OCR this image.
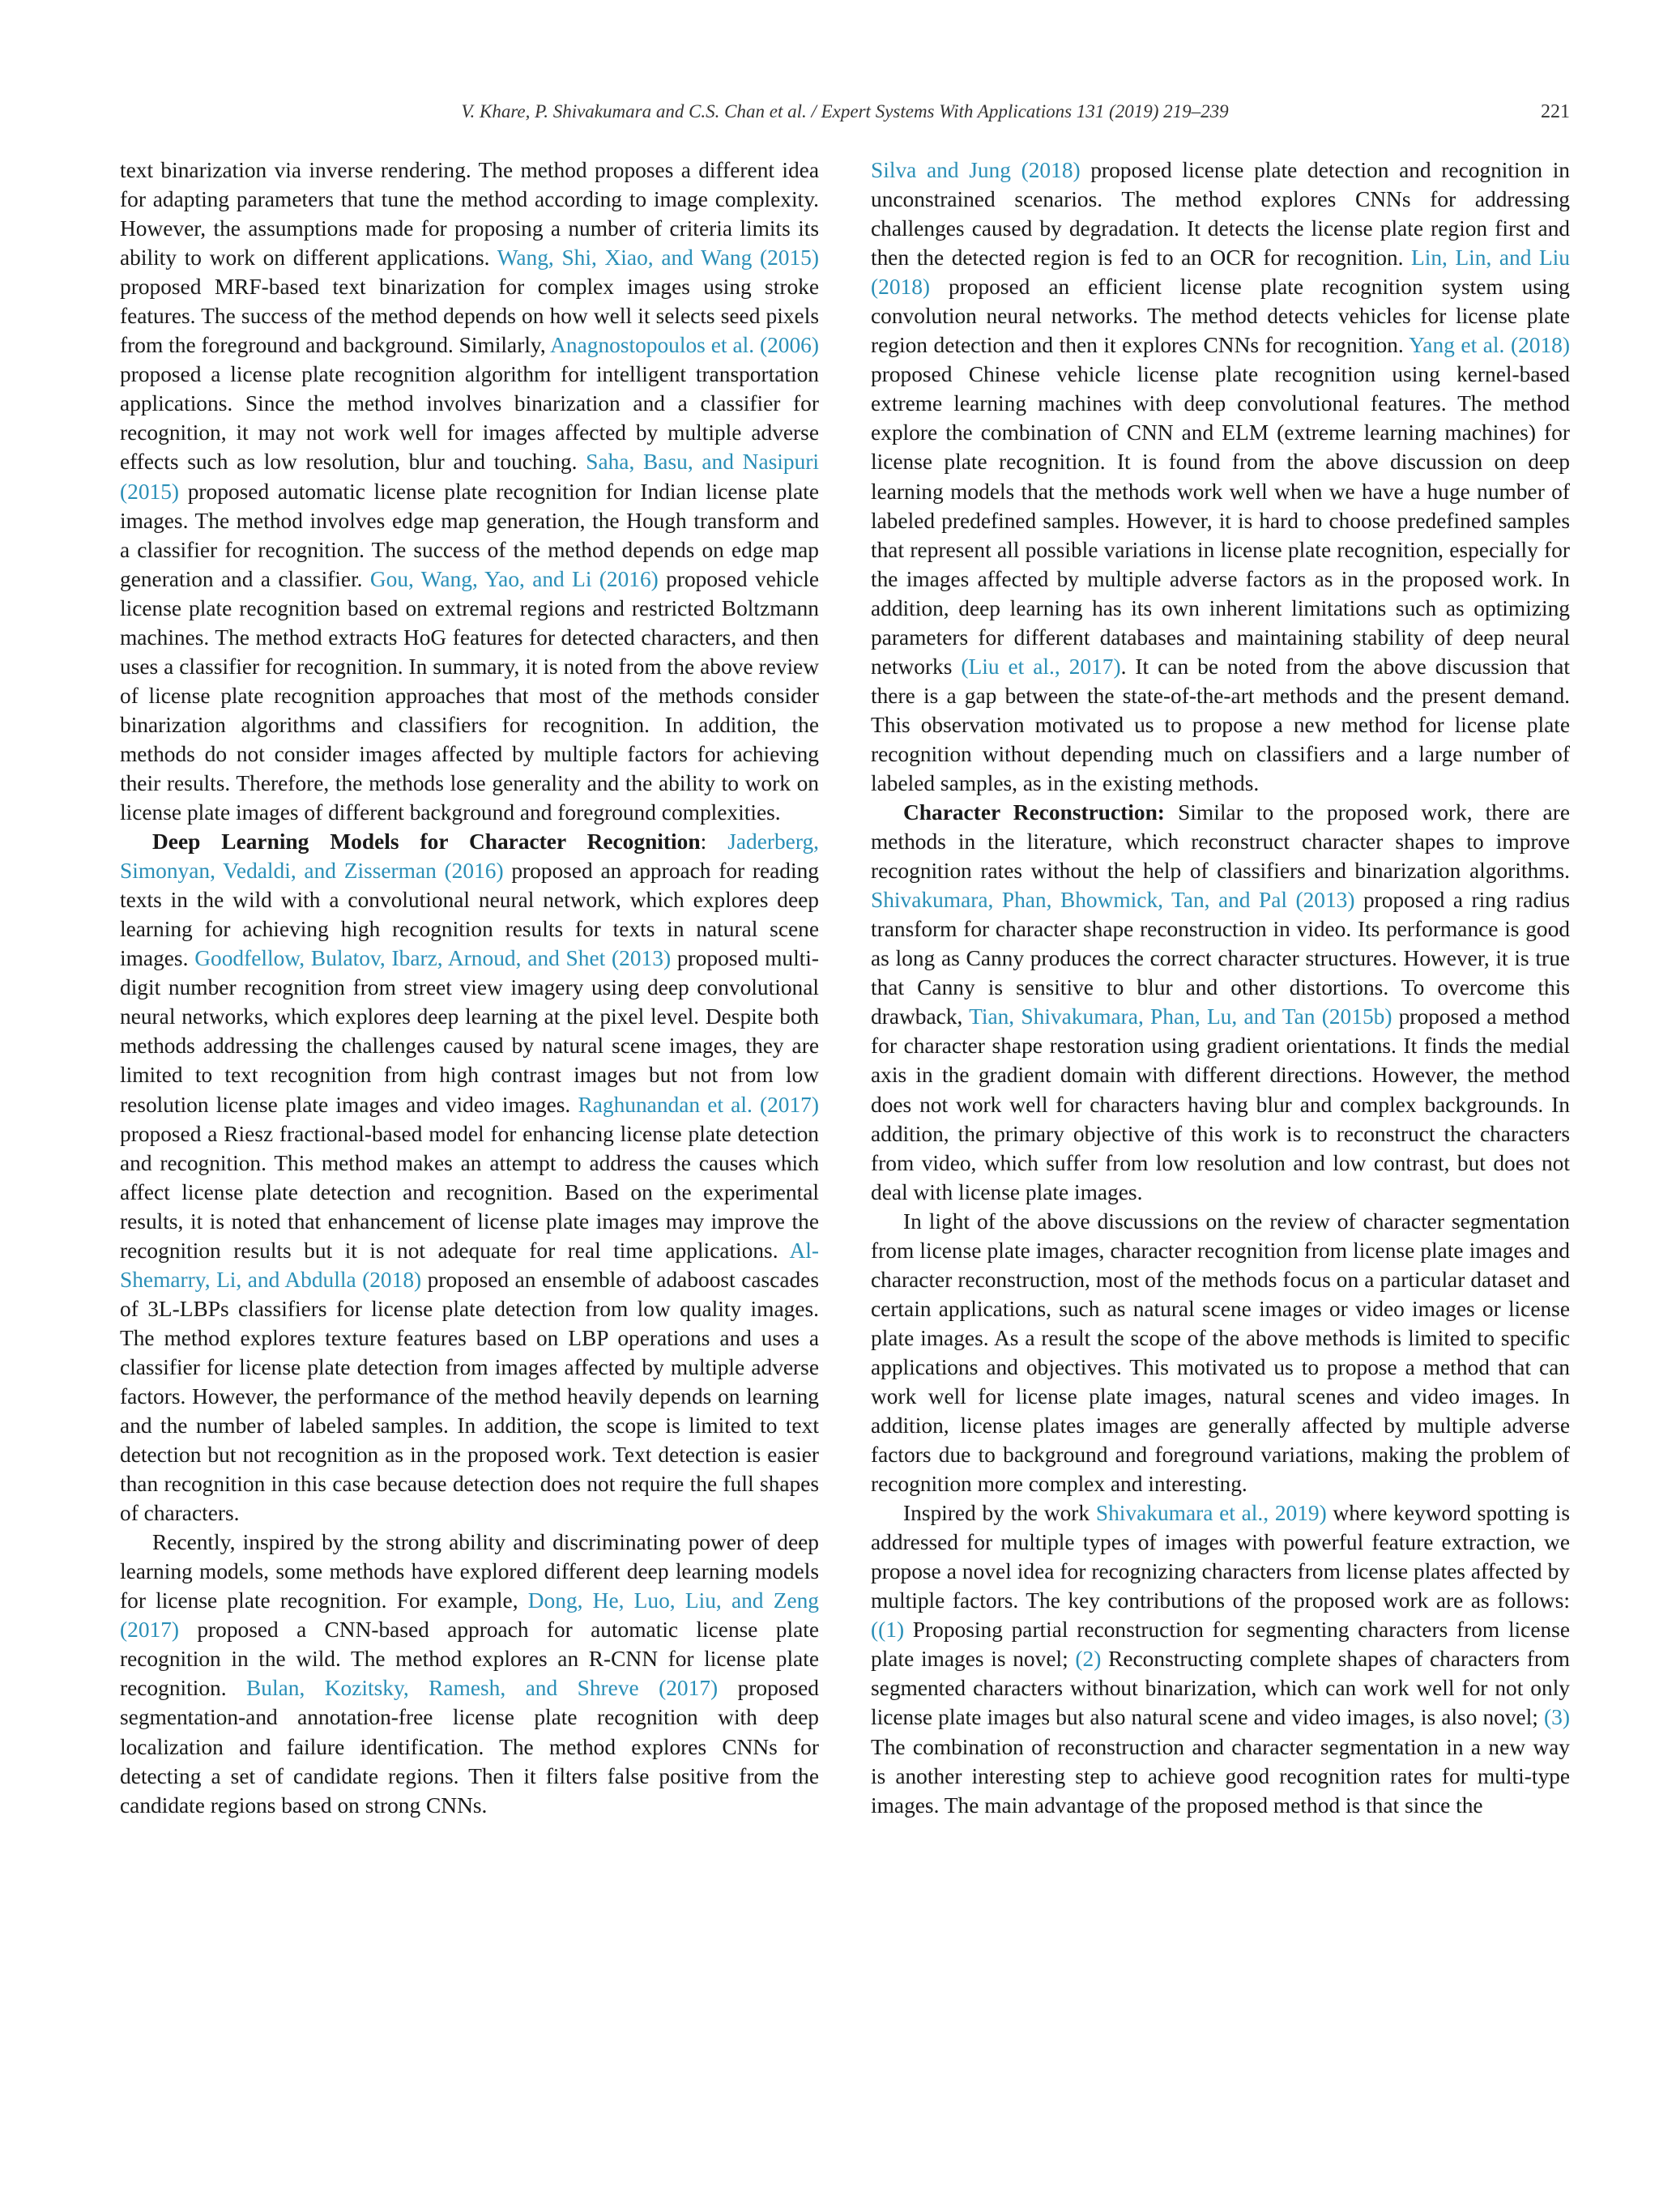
V. Khare, P. Shivakumara and C.S. Chan et al. / Expert Systems With Applications 131 (2019) 219–239	221

text binarization via inverse rendering. The method proposes a different idea for adapting parameters that tune the method according to image complexity. However, the assumptions made for proposing a number of criteria limits its ability to work on different applications. Wang, Shi, Xiao, and Wang (2015) proposed MRF-based text binarization for complex images using stroke features. The success of the method depends on how well it selects seed pixels from the foreground and background. Similarly, Anagnostopoulos et al. (2006) proposed a license plate recognition algorithm for intelligent transportation applications. Since the method involves binarization and a classifier for recognition, it may not work well for images affected by multiple adverse effects such as low resolution, blur and touching. Saha, Basu, and Nasipuri (2015) proposed automatic license plate recognition for Indian license plate images. The method involves edge map generation, the Hough transform and a classifier for recognition. The success of the method depends on edge map generation and a classifier. Gou, Wang, Yao, and Li (2016) proposed vehicle license plate recognition based on extremal regions and restricted Boltzmann machines. The method extracts HoG features for detected characters, and then uses a classifier for recognition. In summary, it is noted from the above review of license plate recognition approaches that most of the methods consider binarization algorithms and classifiers for recognition. In addition, the methods do not consider images affected by multiple factors for achieving their results. Therefore, the methods lose generality and the ability to work on license plate images of different background and foreground complexities.

Deep Learning Models for Character Recognition: Jaderberg, Simonyan, Vedaldi, and Zisserman (2016) proposed an approach for reading texts in the wild with a convolutional neural network, which explores deep learning for achieving high recognition results for texts in natural scene images. Goodfellow, Bulatov, Ibarz, Arnoud, and Shet (2013) proposed multi-digit number recognition from street view imagery using deep convolutional neural networks, which explores deep learning at the pixel level. Despite both methods addressing the challenges caused by natural scene images, they are limited to text recognition from high contrast images but not from low resolution license plate images and video images. Raghunandan et al. (2017) proposed a Riesz fractional-based model for enhancing license plate detection and recognition. This method makes an attempt to address the causes which affect license plate detection and recognition. Based on the experimental results, it is noted that enhancement of license plate images may improve the recognition results but it is not adequate for real time applications. Al-Shemarry, Li, and Abdulla (2018) proposed an ensemble of adaboost cascades of 3L-LBPs classifiers for license plate detection from low quality images. The method explores texture features based on LBP operations and uses a classifier for license plate detection from images affected by multiple adverse factors. However, the performance of the method heavily depends on learning and the number of labeled samples. In addition, the scope is limited to text detection but not recognition as in the proposed work. Text detection is easier than recognition in this case because detection does not require the full shapes of characters.

Recently, inspired by the strong ability and discriminating power of deep learning models, some methods have explored different deep learning models for license plate recognition. For example, Dong, He, Luo, Liu, and Zeng (2017) proposed a CNN-based approach for automatic license plate recognition in the wild. The method explores an R-CNN for license plate recognition. Bulan, Kozitsky, Ramesh, and Shreve (2017) proposed segmentation-and annotation-free license plate recognition with deep localization and failure identification. The method explores CNNs for detecting a set of candidate regions. Then it filters false positive from the candidate regions based on strong CNNs.

Silva and Jung (2018) proposed license plate detection and recognition in unconstrained scenarios. The method explores CNNs for addressing challenges caused by degradation. It detects the license plate region first and then the detected region is fed to an OCR for recognition. Lin, Lin, and Liu (2018) proposed an efficient license plate recognition system using convolution neural networks. The method detects vehicles for license plate region detection and then it explores CNNs for recognition. Yang et al. (2018) proposed Chinese vehicle license plate recognition using kernel-based extreme learning machines with deep convolutional features. The method explore the combination of CNN and ELM (extreme learning machines) for license plate recognition. It is found from the above discussion on deep learning models that the methods work well when we have a huge number of labeled predefined samples. However, it is hard to choose predefined samples that represent all possible variations in license plate recognition, especially for the images affected by multiple adverse factors as in the proposed work. In addition, deep learning has its own inherent limitations such as optimizing parameters for different databases and maintaining stability of deep neural networks (Liu et al., 2017). It can be noted from the above discussion that there is a gap between the state-of-the-art methods and the present demand. This observation motivated us to propose a new method for license plate recognition without depending much on classifiers and a large number of labeled samples, as in the existing methods.

Character Reconstruction: Similar to the proposed work, there are methods in the literature, which reconstruct character shapes to improve recognition rates without the help of classifiers and binarization algorithms. Shivakumara, Phan, Bhowmick, Tan, and Pal (2013) proposed a ring radius transform for character shape reconstruction in video. Its performance is good as long as Canny produces the correct character structures. However, it is true that Canny is sensitive to blur and other distortions. To overcome this drawback, Tian, Shivakumara, Phan, Lu, and Tan (2015b) proposed a method for character shape restoration using gradient orientations. It finds the medial axis in the gradient domain with different directions. However, the method does not work well for characters having blur and complex backgrounds. In addition, the primary objective of this work is to reconstruct the characters from video, which suffer from low resolution and low contrast, but does not deal with license plate images.

In light of the above discussions on the review of character segmentation from license plate images, character recognition from license plate images and character reconstruction, most of the methods focus on a particular dataset and certain applications, such as natural scene images or video images or license plate images. As a result the scope of the above methods is limited to specific applications and objectives. This motivated us to propose a method that can work well for license plate images, natural scenes and video images. In addition, license plates images are generally affected by multiple adverse factors due to background and foreground variations, making the problem of recognition more complex and interesting.

Inspired by the work Shivakumara et al., 2019) where keyword spotting is addressed for multiple types of images with powerful feature extraction, we propose a novel idea for recognizing characters from license plates affected by multiple factors. The key contributions of the proposed work are as follows: ((1) Proposing partial reconstruction for segmenting characters from license plate images is novel; (2) Reconstructing complete shapes of characters from segmented characters without binarization, which can work well for not only license plate images but also natural scene and video images, is also novel; (3) The combination of reconstruction and character segmentation in a new way is another interesting step to achieve good recognition rates for multi-type images. The main advantage of the proposed method is that since the
